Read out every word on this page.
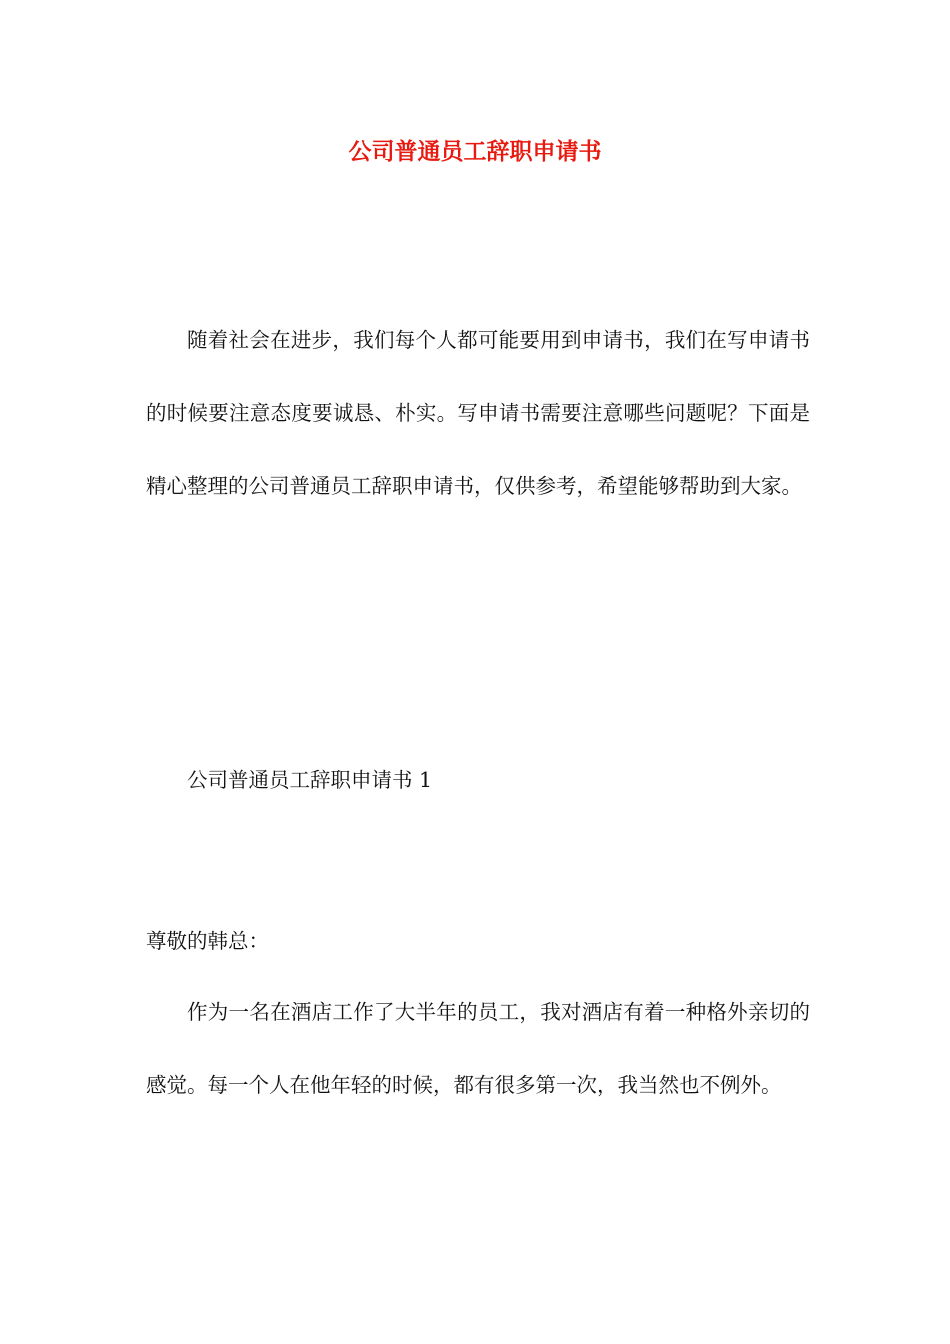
公司普通员工辞职申请书

随着社会在进步，我们每个人都可能要用到申请书，我们在写申请书的时候要注意态度要诚恳、朴实。写申请书需要注意哪些问题呢？下面是精心整理的公司普通员工辞职申请书，仅供参考，希望能够帮助到大家。

公司普通员工辞职申请书 1

尊敬的韩总：

作为一名在酒店工作了大半年的员工，我对酒店有着一种格外亲切的感觉。每一个人在他年轻的时候，都有很多第一次，我当然也不例外。
